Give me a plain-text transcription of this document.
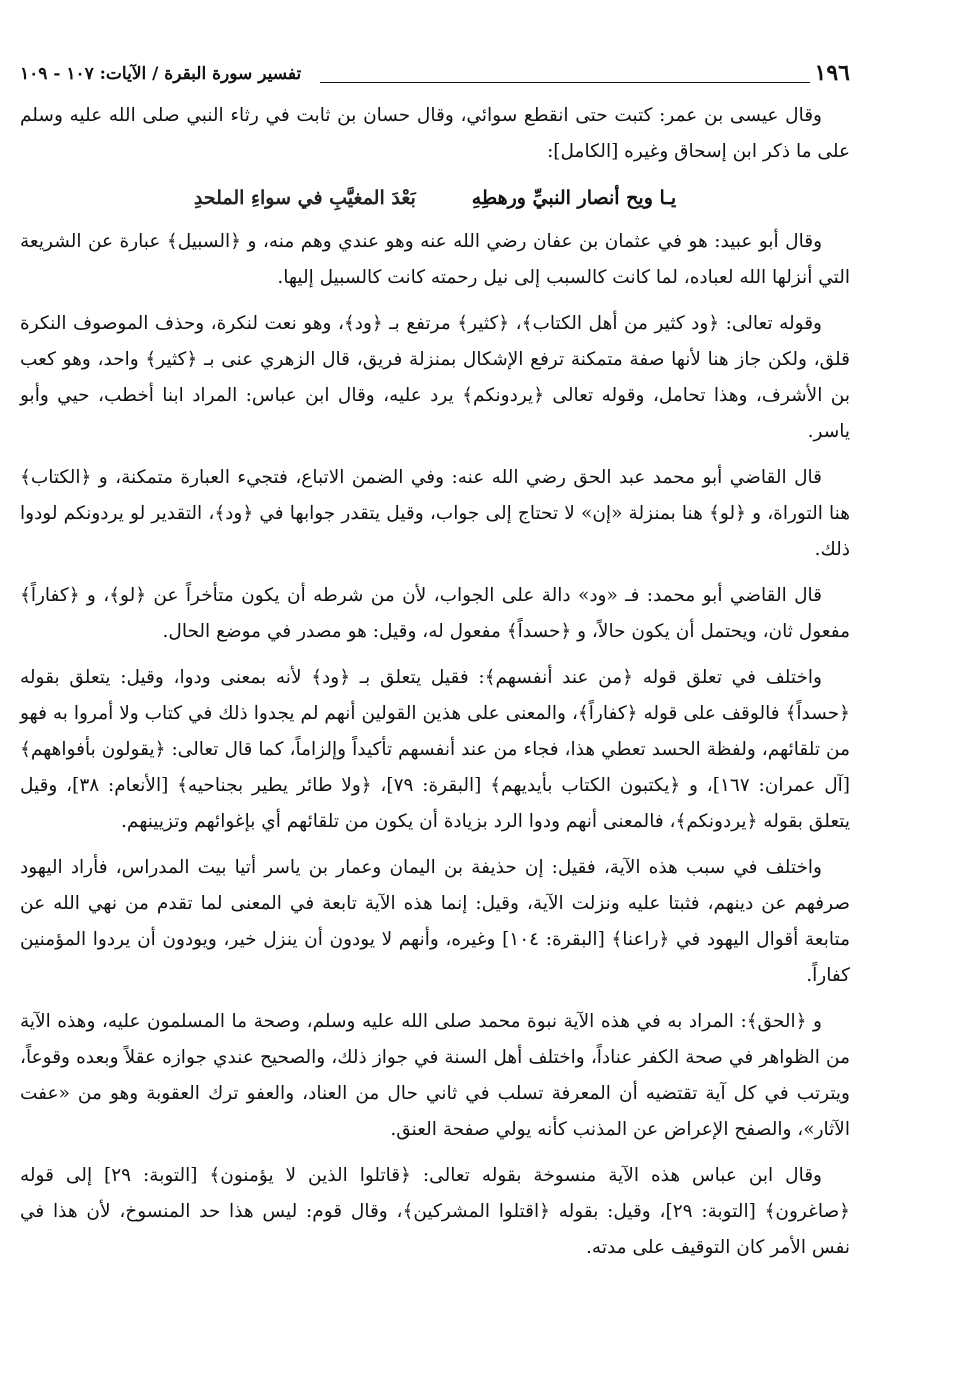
١٩٦
تفسير سورة البقرة / الآيات: ١٠٧ - ١٠٩

وقال عيسى بن عمر: كتبت حتى انقطع سوائي، وقال حسان بن ثابت في رثاء النبي صلى الله عليه وسلم على ما ذكر ابن إسحاق وغيره [الكامل]:

يـا ويح أنصار النبيِّ ورهطِهِ
بَعْدَ المغيَّبِ في سواءِ الملحدِ

وقال أبو عبيد: هو في عثمان بن عفان رضي الله عنه وهو عندي وهم منه، و ﴿السبيل﴾ عبارة عن الشريعة التي أنزلها الله لعباده، لما كانت كالسبب إلى نيل رحمته كانت كالسبيل إليها.

وقوله تعالى: ﴿ود كثير من أهل الكتاب﴾، ﴿كثير﴾ مرتفع بـ ﴿ود﴾، وهو نعت لنكرة، وحذف الموصوف النكرة قلق، ولكن جاز هنا لأنها صفة متمكنة ترفع الإشكال بمنزلة فريق، قال الزهري عنى بـ ﴿كثير﴾ واحد، وهو كعب بن الأشرف، وهذا تحامل، وقوله تعالى ﴿يردونكم﴾ يرد عليه، وقال ابن عباس: المراد ابنا أخطب، حيي وأبو ياسر.

قال القاضي أبو محمد عبد الحق رضي الله عنه: وفي الضمن الاتباع، فتجيء العبارة متمكنة، و ﴿الكتاب﴾ هنا التوراة، و ﴿لو﴾ هنا بمنزلة «إن» لا تحتاج إلى جواب، وقيل يتقدر جوابها في ﴿ود﴾، التقدير لو يردونكم لودوا ذلك.

قال القاضي أبو محمد: فـ «ود» دالة على الجواب، لأن من شرطه أن يكون متأخراً عن ﴿لو﴾، و ﴿كفاراً﴾ مفعول ثان، ويحتمل أن يكون حالاً، و ﴿حسداً﴾ مفعول له، وقيل: هو مصدر في موضع الحال.

واختلف في تعلق قوله ﴿من عند أنفسهم﴾: فقيل يتعلق بـ ﴿ود﴾ لأنه بمعنى ودوا، وقيل: يتعلق بقوله ﴿حسداً﴾ فالوقف على قوله ﴿كفاراً﴾، والمعنى على هذين القولين أنهم لم يجدوا ذلك في كتاب ولا أمروا به فهو من تلقائهم، ولفظة الحسد تعطي هذا، فجاء من عند أنفسهم تأكيداً وإلزاماً، كما قال تعالى: ﴿يقولون بأفواههم﴾ [آل عمران: ١٦٧]، و ﴿يكتبون الكتاب بأيديهم﴾ [البقرة: ٧٩]، ﴿ولا طائر يطير بجناحيه﴾ [الأنعام: ٣٨]، وقيل يتعلق بقوله ﴿يردونكم﴾، فالمعنى أنهم ودوا الرد بزيادة أن يكون من تلقائهم أي بإغوائهم وتزيينهم.

واختلف في سبب هذه الآية، فقيل: إن حذيفة بن اليمان وعمار بن ياسر أتيا بيت المدراس، فأراد اليهود صرفهم عن دينهم، فثبتا عليه ونزلت الآية، وقيل: إنما هذه الآية تابعة في المعنى لما تقدم من نهي الله عن متابعة أقوال اليهود في ﴿راعنا﴾ [البقرة: ١٠٤] وغيره، وأنهم لا يودون أن ينزل خير، ويودون أن يردوا المؤمنين كفاراً.

و ﴿الحق﴾: المراد به في هذه الآية نبوة محمد صلى الله عليه وسلم، وصحة ما المسلمون عليه، وهذه الآية من الظواهر في صحة الكفر عناداً، واختلف أهل السنة في جواز ذلك، والصحيح عندي جوازه عقلاً وبعده وقوعاً، ويترتب في كل آية تقتضيه أن المعرفة تسلب في ثاني حال من العناد، والعفو ترك العقوبة وهو من «عفت الآثار»، والصفح الإعراض عن المذنب كأنه يولي صفحة العنق.

وقال ابن عباس هذه الآية منسوخة بقوله تعالى: ﴿قاتلوا الذين لا يؤمنون﴾ [التوبة: ٢٩] إلى قوله ﴿صاغرون﴾ [التوبة: ٢٩]، وقيل: بقوله ﴿اقتلوا المشركين﴾، وقال قوم: ليس هذا حد المنسوخ، لأن هذا في نفس الأمر كان التوقيف على مدته.
